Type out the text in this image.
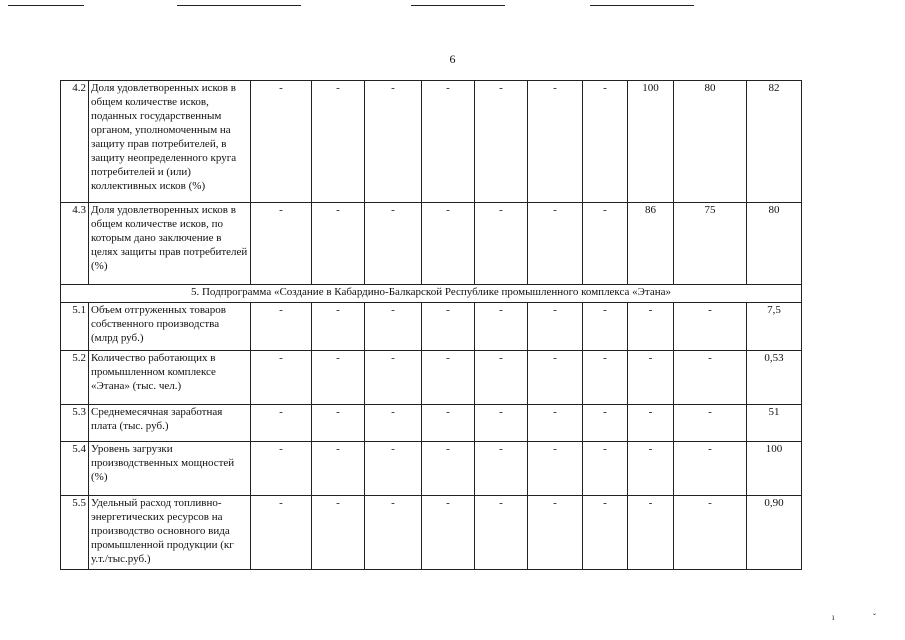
6
4.2	Доля удовлетворенных исков в общем количестве исков, поданных государственным органом, уполномоченным на защиту прав потребителей, в защиту неопределенного круга потребителей и (или) коллективных исков (%)	-	-	-	-	-	-	-	100	80	82
4.3	Доля удовлетворенных исков в общем количестве исков, по которым дано заключение в целях защиты прав потребителей (%)	-	-	-	-	-	-	-	86	75	80
5. Подпрограмма «Создание в Кабардино-Балкарской Республике промышленного комплекса «Этана»											
5.1	Объем отгруженных товаров собственного производства (млрд руб.)	-	-	-	-	-	-	-	-	-	7,5
5.2	Количество работающих в промышленном комплексе «Этана» (тыс. чел.)	-	-	-	-	-	-	-	-	-	0,53
5.3	Среднемесячная заработная плата (тыс. руб.)	-	-	-	-	-	-	-	-	-	51
5.4	Уровень загрузки производственных мощностей (%)	-	-	-	-	-	-	-	-	-	100
5.5	Удельный расход топливно-энергетических ресурсов на производство основного вида промышленной продукции (кг у.т./тыс.руб.)	-	-	-	-	-	-	-	-	-	0,90
ı	ˇ
